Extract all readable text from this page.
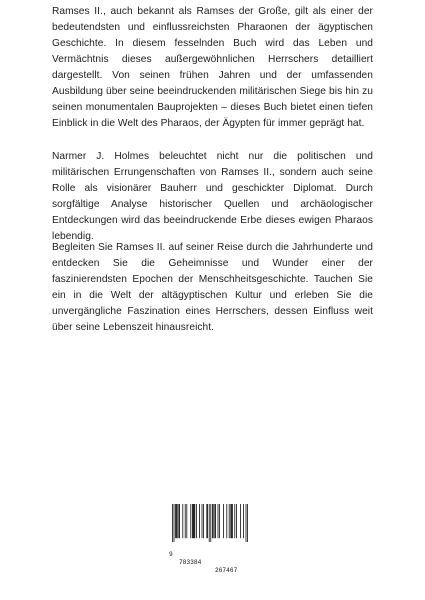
Ramses II., auch bekannt als Ramses der Große, gilt als einer der bedeutendsten und einflussreichsten Pharaonen der ägyptischen Geschichte. In diesem fesselnden Buch wird das Leben und Vermächtnis dieses außergewöhnlichen Herrschers detailliert dargestellt. Von seinen frühen Jahren und der umfassenden Ausbildung über seine beeindruckenden militärischen Siege bis hin zu seinen monumentalen Bauprojekten – dieses Buch bietet einen tiefen Einblick in die Welt des Pharaos, der Ägypten für immer geprägt hat.

Narmer J. Holmes beleuchtet nicht nur die politischen und militärischen Errungenschaften von Ramses II., sondern auch seine Rolle als visionärer Bauherr und geschickter Diplomat. Durch sorgfältige Analyse historischer Quellen und archäologischer Entdeckungen wird das beeindruckende Erbe dieses ewigen Pharaos lebendig.

Begleiten Sie Ramses II. auf seiner Reise durch die Jahrhunderte und entdecken Sie die Geheimnisse und Wunder einer der faszinierendsten Epochen der Menschheitsgeschichte. Tauchen Sie ein in die Welt der altägyptischen Kultur und erleben Sie die unvergängliche Faszination eines Herrschers, dessen Einfluss weit über seine Lebenszeit hinausreicht.

9

783384

267467
